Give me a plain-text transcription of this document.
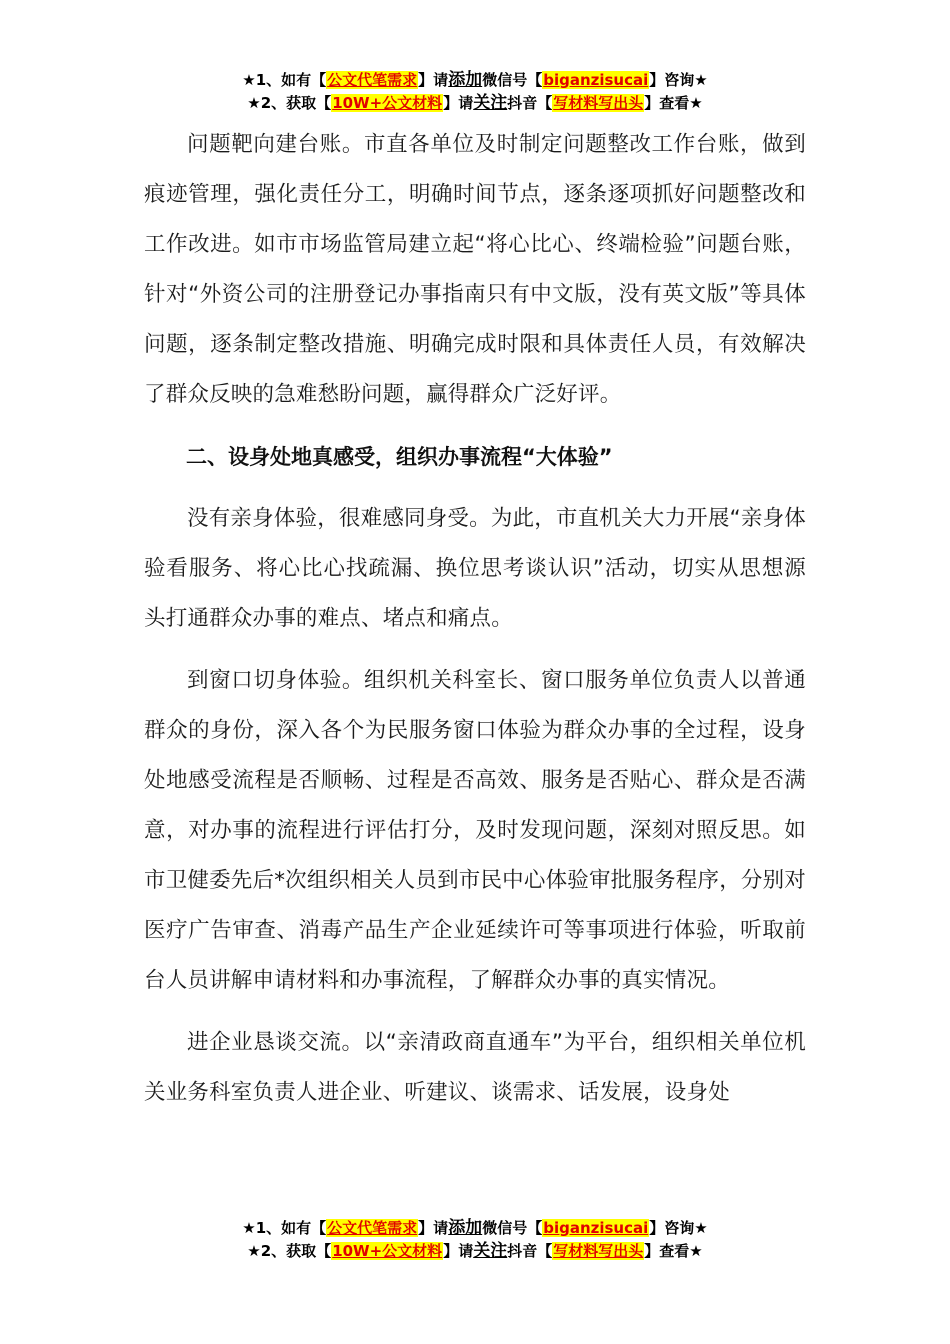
★1、如有【公文代笔需求】请添加微信号【biganzisucai】咨询★
★2、获取【10W+公文材料】请关注抖音【写材料写出头】查看★

问题靶向建台账。市直各单位及时制定问题整改工作台账，做到痕迹管理，强化责任分工，明确时间节点，逐条逐项抓好问题整改和工作改进。如市市场监管局建立起“将心比心、终端检验”问题台账，针对“外资公司的注册登记办事指南只有中文版，没有英文版”等具体问题，逐条制定整改措施、明确完成时限和具体责任人员，有效解决了群众反映的急难愁盼问题，赢得群众广泛好评。

二、设身处地真感受，组织办事流程“大体验”

没有亲身体验，很难感同身受。为此，市直机关大力开展“亲身体验看服务、将心比心找疏漏、换位思考谈认识”活动，切实从思想源头打通群众办事的难点、堵点和痛点。

到窗口切身体验。组织机关科室长、窗口服务单位负责人以普通群众的身份，深入各个为民服务窗口体验为群众办事的全过程，设身处地感受流程是否顺畅、过程是否高效、服务是否贴心、群众是否满意，对办事的流程进行评估打分，及时发现问题，深刻对照反思。如市卫健委先后*次组织相关人员到市民中心体验审批服务程序，分别对医疗广告审查、消毒产品生产企业延续许可等事项进行体验，听取前台人员讲解申请材料和办事流程，了解群众办事的真实情况。

进企业恳谈交流。以“亲清政商直通车”为平台，组织相关单位机关业务科室负责人进企业、听建议、谈需求、话发展，设身处

★1、如有【公文代笔需求】请添加微信号【biganzisucai】咨询★
★2、获取【10W+公文材料】请关注抖音【写材料写出头】查看★
